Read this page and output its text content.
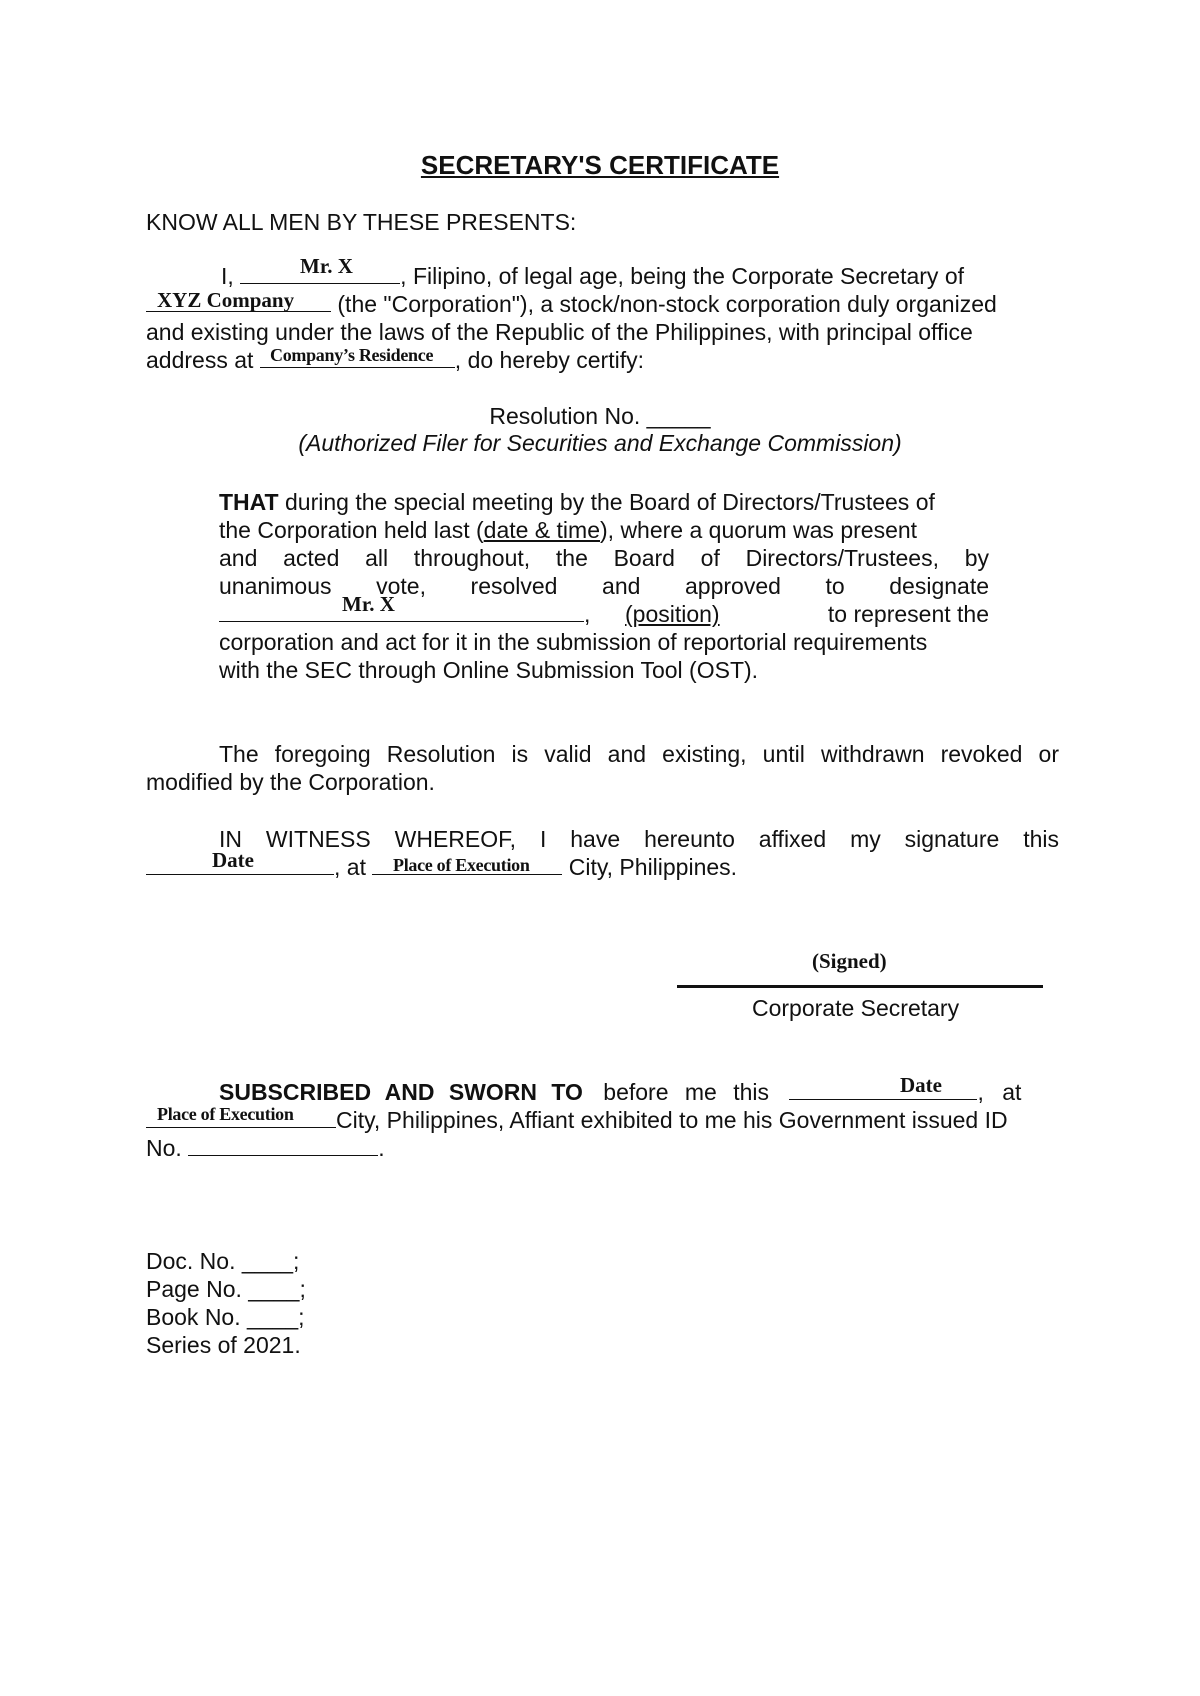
SECRETARY'S CERTIFICATE
KNOW ALL MEN BY THESE PRESENTS:
I,	, Filipino, of legal age, being the Corporate Secretary of
Mr. X
(the "Corporation"), a stock/non-stock corporation duly organized
XYZ Company
and existing under the laws of the Republic of the Philippines, with principal office
address at	, do hereby certify:
Company’s Residence
Resolution No. _____
(Authorized Filer for Securities and Exchange Commission)
THAT during the special meeting by the Board of Directors/Trustees of
the Corporation held last (date & time), where a quorum was present
and acted all throughout, the Board of Directors/Trustees, by
unanimous vote, resolved and approved to designate
, (position)	to represent the
Mr. X
corporation and act for it in the submission of reportorial requirements
with the SEC through Online Submission Tool (OST).
The foregoing Resolution is valid and existing, until withdrawn revoked or
modified by the Corporation.
IN WITNESS WHEREOF, I have hereunto affixed my signature this
, at	City, Philippines.
Date	Place of Execution
(Signed)
Corporate Secretary
SUBSCRIBED AND SWORN TO before me this	, at
Date
City, Philippines, Affiant exhibited to me his Government issued ID
Place of Execution
No.	.
Doc. No. ____;
Page No. ____;
Book No. ____;
Series of 2021.
